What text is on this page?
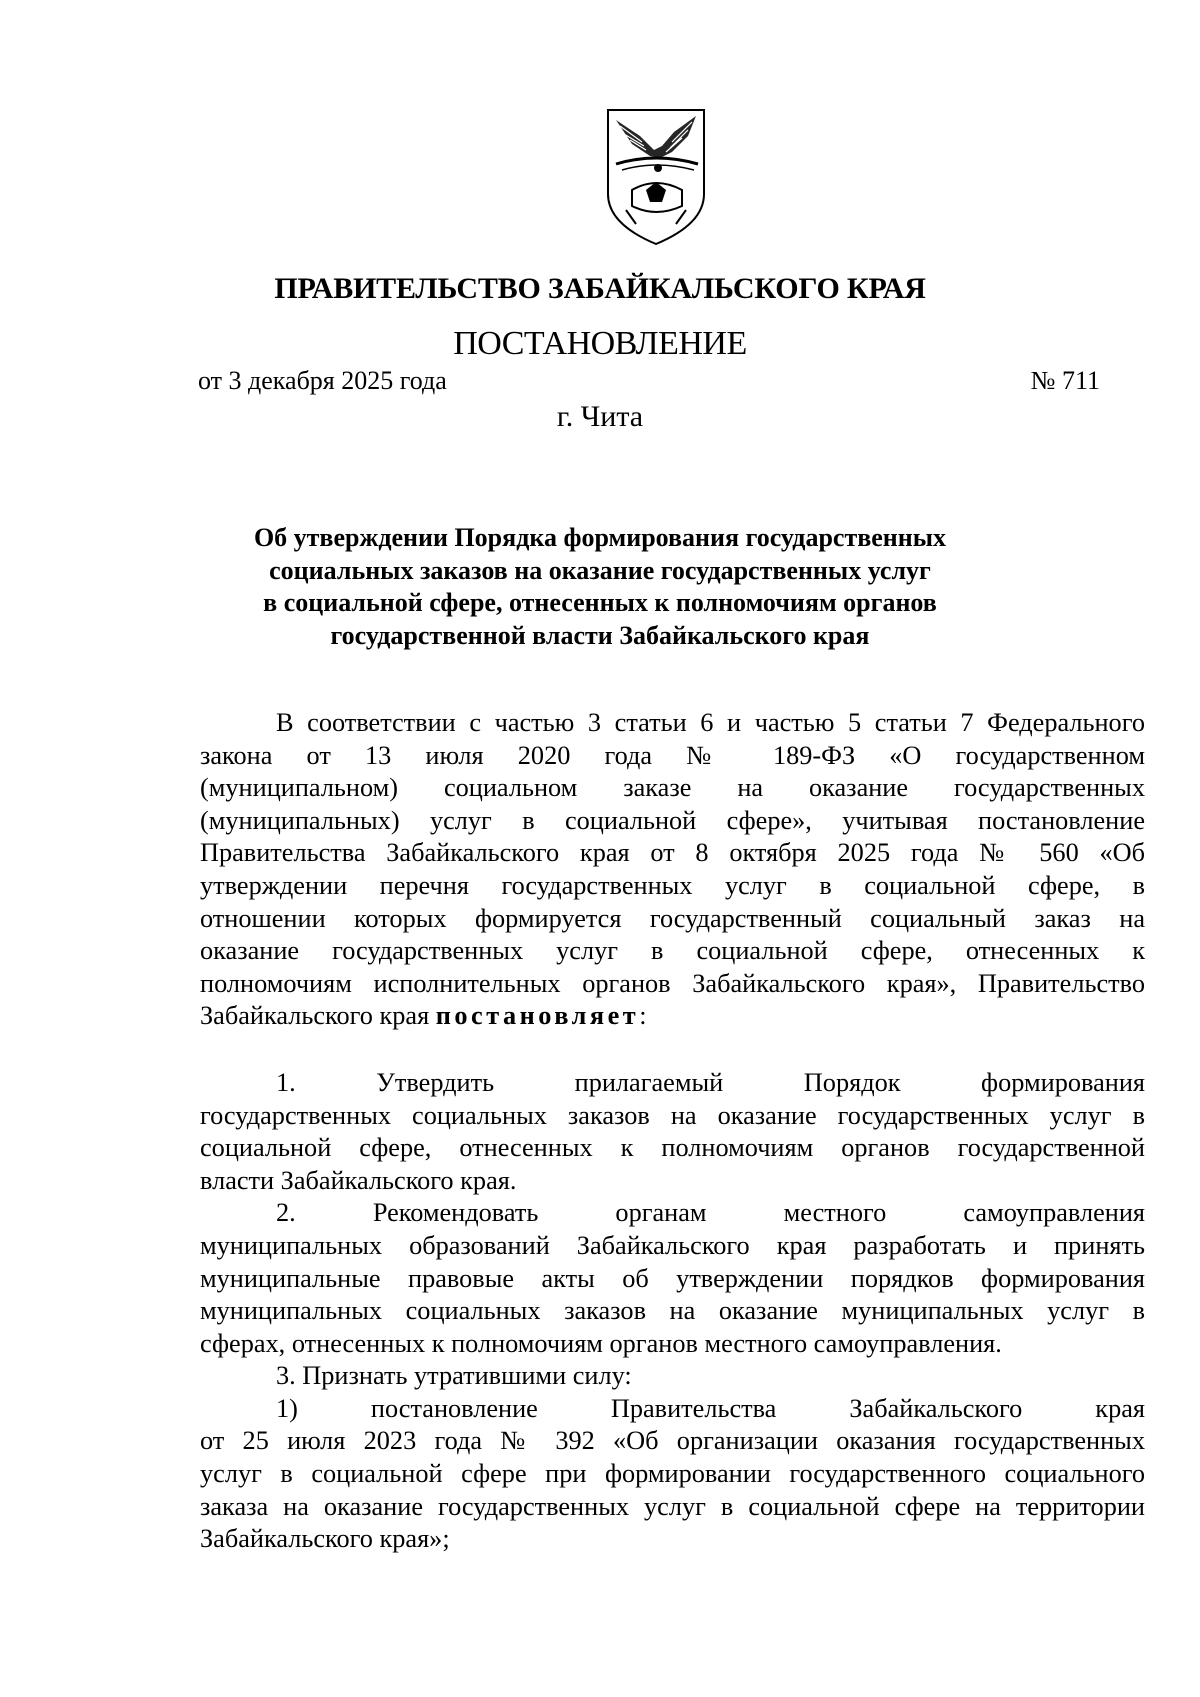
ПРАВИТЕЛЬСТВО ЗАБАЙКАЛЬСКОГО КРАЯ
ПОСТАНОВЛЕНИЕ
от 3 декабря 2025 года	№ 711
г. Чита
Об утверждении Порядка формирования государственных
социальных заказов на оказание государственных услуг
в социальной сфере, отнесенных к полномочиям органов
государственной власти Забайкальского края
В соответствии с частью 3 статьи 6 и частью 5 статьи 7 Федерального
закона от 13 июля 2020 года № 189-ФЗ «О государственном
(муниципальном) социальном заказе на оказание государственных
(муниципальных) услуг в социальной сфере», учитывая постановление
Правительства Забайкальского края от 8 октября 2025 года № 560 «Об
утверждении перечня государственных услуг в социальной сфере, в
отношении которых формируется государственный социальный заказ на
оказание государственных услуг в социальной сфере, отнесенных к
полномочиям исполнительных органов Забайкальского края», Правительство
Забайкальского края постановляет:
1. Утвердить прилагаемый Порядок формирования
государственных социальных заказов на оказание государственных услуг в
социальной сфере, отнесенных к полномочиям органов государственной
власти Забайкальского края.
2. Рекомендовать органам местного самоуправления
муниципальных образований Забайкальского края разработать и принять
муниципальные правовые акты об утверждении порядков формирования
муниципальных социальных заказов на оказание муниципальных услуг в
сферах, отнесенных к полномочиям органов местного самоуправления.
3. Признать утратившими силу:
1) постановление Правительства Забайкальского края
от 25 июля 2023 года № 392 «Об организации оказания государственных
услуг в социальной сфере при формировании государственного социального
заказа на оказание государственных услуг в социальной сфере на территории
Забайкальского края»;
